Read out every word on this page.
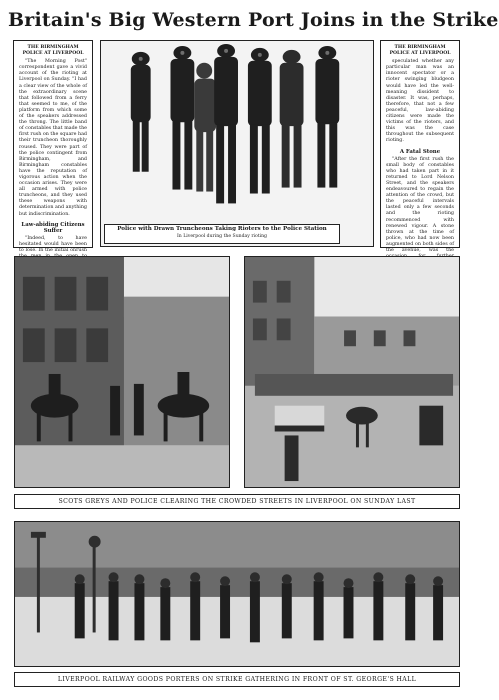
Britain's Big Western Port Joins in the Strike
THE BIRMINGHAM POLICE AT LIVERPOOL

"The Morning Post" correspondent gave a vivid account of the rioting at Liverpool on Sunday. "I had a clear view of the whole of the extraordinary scene that followed from a ferry that seemed to me, of the platform from which some of the speakers addressed the throng. The little band of constables that made the first rush on the square had their truncheon thoroughly roused. They were part of the police contingent from Birmingham, and Birmingham constables have the reputation of vigorous action when the occasion arises. They were all armed with police truncheons, and they used these weapons with determination and anything but indiscrimination.

Law-abiding Citizens Suffer

"Indeed, to have hesitated would have been to lose. In the initial onrush

Police with Drawn Truncheons Taking Rioters to the Police Station
In Liverpool during the Sunday rioting
THE BIRMINGHAM POLICE AT LIVERPOOL

speculated whether any particular man was an innocent spectator or a rioter swinging bludgeon would have led the well-meaning dissident to disaster. It was, perhaps, therefore, that not a few peaceful, law-abiding citizens were made the victims of the rioters, and this was the case throughout the subsequent rioting.

A Fatal Stone

"After the first rush the small body of constables who had taken part in it returned to Lord Nelson Street, and the speakers endeavoured to regain the attention of the crowd, but the peaceful intervals lasted only a few seconds and the rioting recommenced with renewed vigour. A stone thrown at the time of police, who had now been augmented on both sides of the avenue, was the

SCOTS GREYS AND POLICE CLEARING THE CROWDED STREETS IN LIVERPOOL ON SUNDAY LAST
LIVERPOOL RAILWAY GOODS PORTERS ON STRIKE GATHERING IN FRONT OF ST. GEORGE'S HALL
